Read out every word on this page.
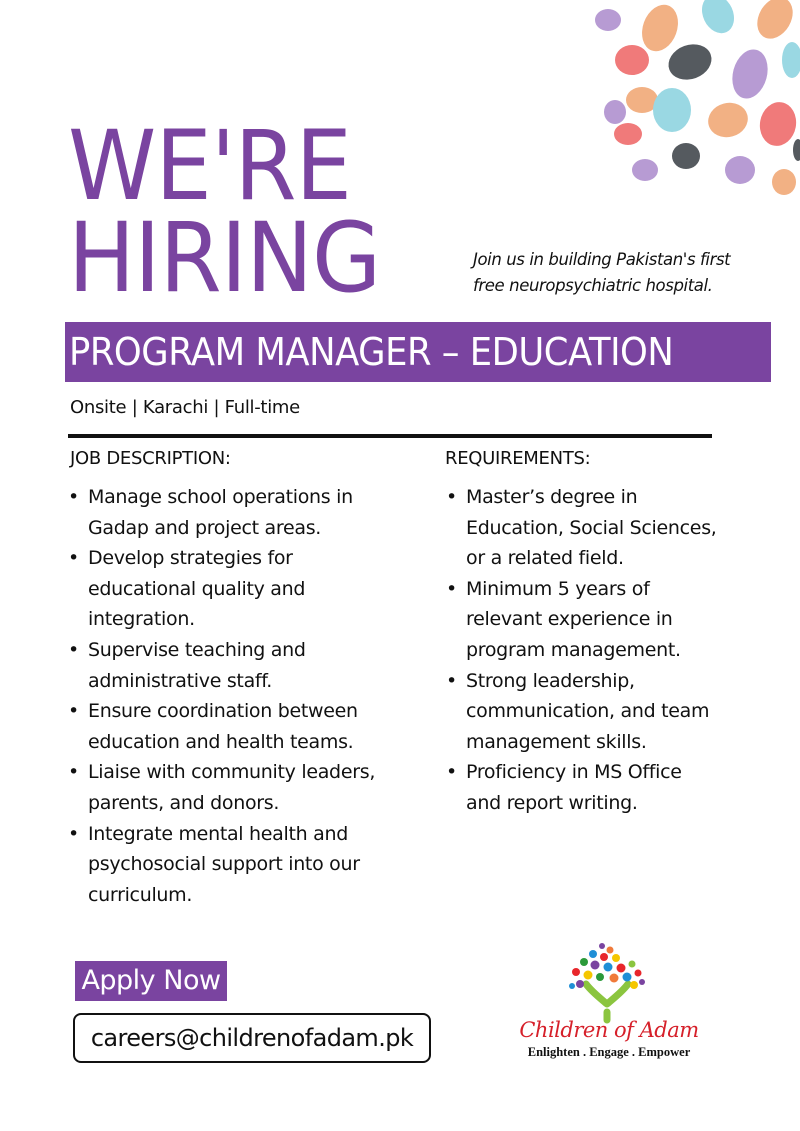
WE'RE
HIRING	Join us in building Pakistan's first
free neuropsychiatric hospital.
PROGRAM MANAGER – EDUCATION
Onsite | Karachi | Full-time
JOB DESCRIPTION:
• Manage school operations in
Gadap and project areas.
• Develop strategies for
educational quality and
integration.
• Supervise teaching and
administrative staff.
• Ensure coordination between
education and health teams.
• Liaise with community leaders,
parents, and donors.
• Integrate mental health and
psychosocial support into our
curriculum.
REQUIREMENTS:
• Master’s degree in
Education, Social Sciences,
or a related field.
• Minimum 5 years of
relevant experience in
program management.
• Strong leadership,
communication, and team
management skills.
• Proficiency in MS Office
and report writing.
Apply Now
careers@childrenofadam.pk	Children of Adam
Enlighten . Engage . Empower
